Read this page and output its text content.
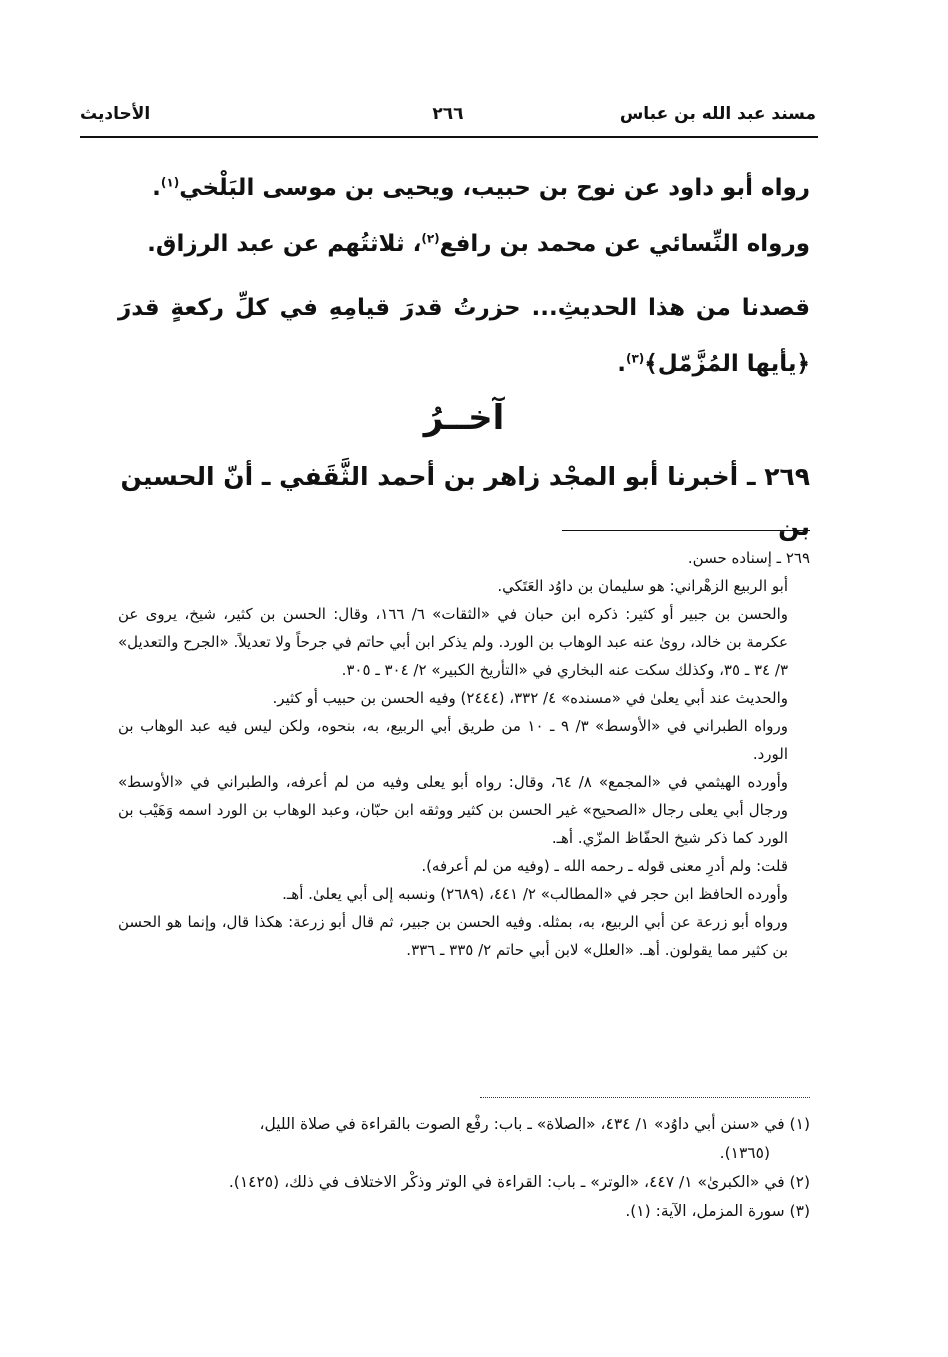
مسند عبد الله بن عباس
٢٦٦
الأحاديث

رواه أبو داود عن نوح بن حبيب، ويحيى بن موسى البَلْخي$^{(١)}$.

ورواه النِّسائي عن محمد بن رافع$^{(٢)}$، ثلاثتُهم عن عبد الرزاق.

قصدنا من هذا الحديثِ... حزرتُ قدرَ قيامِهِ في كلِّ ركعةٍ قدرَ ﴿يأيها المُزَّمّل﴾$^{(٣)}$.

آخــرُ
٢٦٩ ـ أخبرنا أبو المجْد زاهر بن أحمد الثَّقَفي ـ أنّ الحسين بن

٢٦٩ ـ إسناده حسن.

أبو الربيع الزهْراني: هو سليمان بن داوُد العَتَكي.

والحسن بن جبير أو كثير: ذكره ابن حبان في «الثقات» ٦/ ١٦٦، وقال: الحسن بن كثير، شيخ، يروى عن عكرمة بن خالد، روىٰ عنه عبد الوهاب بن الورد. ولم يذكر ابن أبي حاتم في جرحاً ولا تعديلاً. «الجرح والتعديل» ٣/ ٣٤ ـ ٣٥، وكذلك سكت عنه البخاري في «التأريخ الكبير» ٢/ ٣٠٤ ـ ٣٠٥.

والحديث عند أبي يعلىٰ في «مسنده» ٤/ ٣٣٢، (٢٤٤٤) وفيه الحسن بن حبيب أو كثير.

ورواه الطبراني في «الأوسط» ٣/ ٩ ـ ١٠ من طريق أبي الربيع، به، بنحوه، ولكن ليس فيه عبد الوهاب بن الورد.

وأورده الهيثمي في «المجمع» ٨/ ٦٤، وقال: رواه أبو يعلى وفيه من لم أعرفه، والطبراني في «الأوسط» ورجال أبي يعلى رجال «الصحيح» غير الحسن بن كثير ووثقه ابن حبّان، وعبد الوهاب بن الورد اسمه وَهَيْب بن الورد كما ذكر شيخ الحفّاظ المزّي. أهـ.

قلت: ولم أدرِ معنى قوله ـ رحمه الله ـ (وفيه من لم أعرفه).

وأورده الحافظ ابن حجر في «المطالب» ٢/ ٤٤١، (٢٦٨٩) ونسبه إلى أبي يعلىٰ. أهـ.

ورواه أبو زرعة عن أبي الربيع، به، بمثله. وفيه الحسن بن جبير، ثم قال أبو زرعة: هكذا قال، وإنما هو الحسن بن كثير مما يقولون. أهـ. «العلل» لابن أبي حاتم ٢/ ٣٣٥ ـ ٣٣٦.

(١) في «سنن أبي داوُد» ١/ ٤٣٤، «الصلاة» ـ باب: رفْع الصوت بالقراءة في صلاة الليل،

(١٣٦٥).

(٢) في «الكبرىٰ» ١/ ٤٤٧، «الوتر» ـ باب: القراءة في الوتر وذكْر الاختلاف في ذلك، (١٤٢٥).

(٣) سورة المزمل، الآية: (١).
